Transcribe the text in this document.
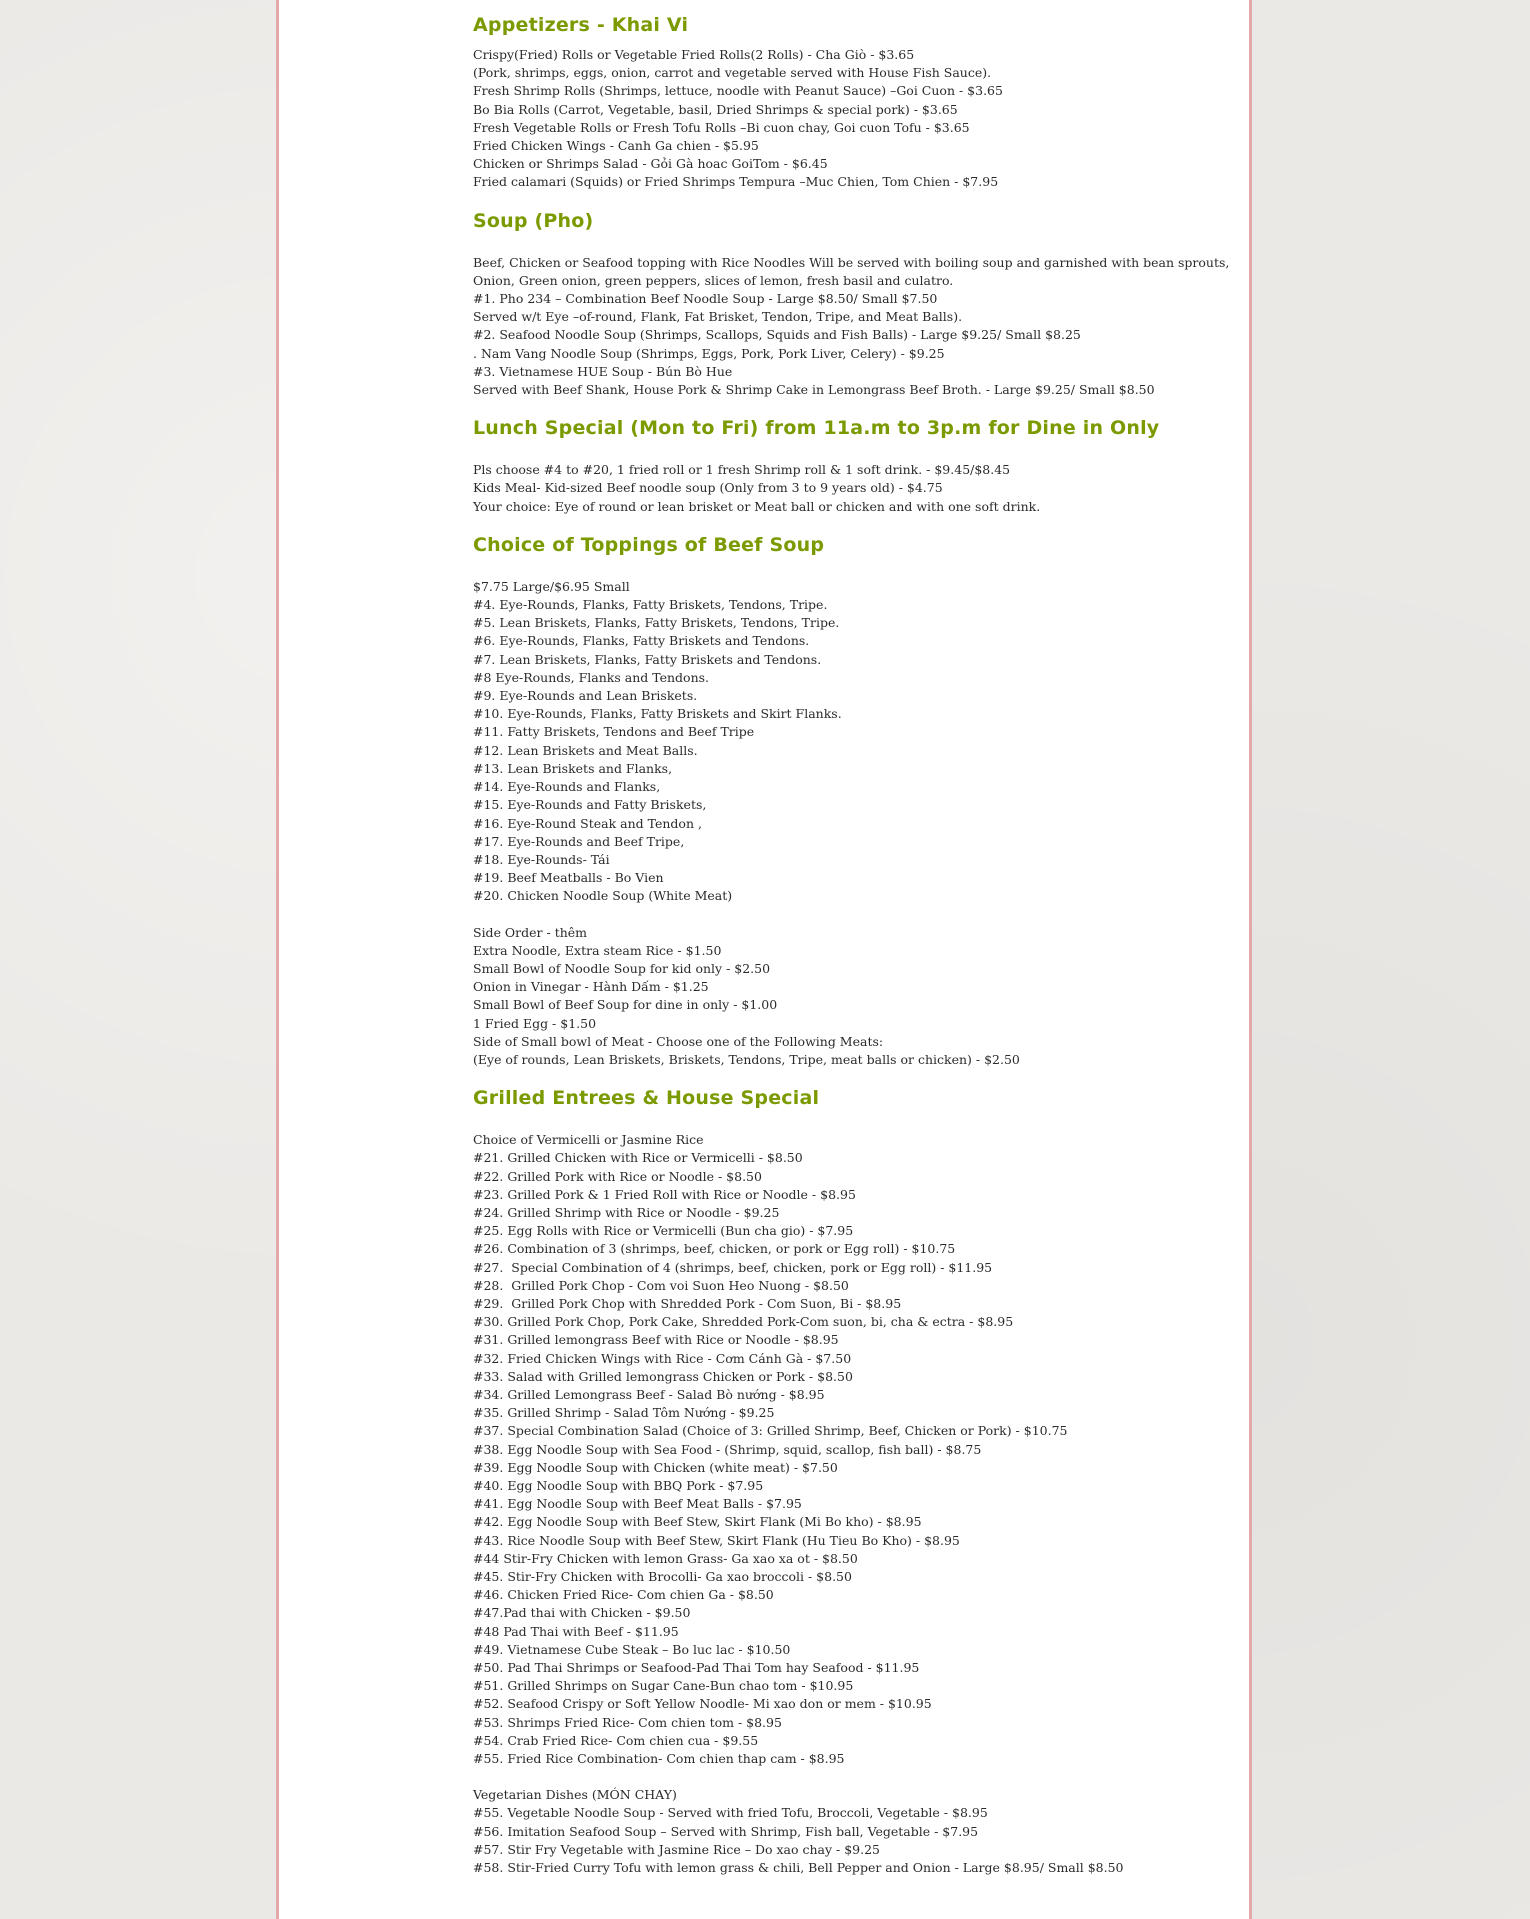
Appetizers - Khai Vi
Crispy(Fried) Rolls or Vegetable Fried Rolls(2 Rolls) - Cha Giò - $3.65
(Pork, shrimps, eggs, onion, carrot and vegetable served with House Fish Sauce).
Fresh Shrimp Rolls (Shrimps, lettuce, noodle with Peanut Sauce) –Goi Cuon - $3.65
Bo Bia Rolls (Carrot, Vegetable, basil, Dried Shrimps & special pork) - $3.65
Fresh Vegetable Rolls or Fresh Tofu Rolls –Bi cuon chay, Goi cuon Tofu - $3.65
Fried Chicken Wings - Canh Ga chien - $5.95
Chicken or Shrimps Salad - Gỏi Gà hoac GoiTom - $6.45
Fried calamari (Squids) or Fried Shrimps Tempura –Muc Chien, Tom Chien - $7.95
Soup (Pho)
Beef, Chicken or Seafood topping with Rice Noodles Will be served with boiling soup and garnished with bean sprouts, Onion, Green onion, green peppers, slices of lemon, fresh basil and culatro.
#1. Pho 234 – Combination Beef Noodle Soup - Large $8.50/ Small $7.50
Served w/t Eye –of-round, Flank, Fat Brisket, Tendon, Tripe, and Meat Balls).
#2. Seafood Noodle Soup (Shrimps, Scallops, Squids and Fish Balls) - Large $9.25/ Small $8.25
. Nam Vang Noodle Soup (Shrimps, Eggs, Pork, Pork Liver, Celery) - $9.25
#3. Vietnamese HUE Soup - Bún Bò Hue
Served with Beef Shank, House Pork & Shrimp Cake in Lemongrass Beef Broth. - Large $9.25/ Small $8.50
Lunch Special (Mon to Fri) from 11a.m to 3p.m for Dine in Only
Pls choose #4 to #20, 1 fried roll or 1 fresh Shrimp roll & 1 soft drink. - $9.45/$8.45
Kids Meal- Kid-sized Beef noodle soup (Only from 3 to 9 years old) - $4.75
Your choice: Eye of round or lean brisket or Meat ball or chicken and with one soft drink.
Choice of Toppings of Beef Soup
$7.75 Large/$6.95 Small
#4. Eye-Rounds, Flanks, Fatty Briskets, Tendons, Tripe.
#5. Lean Briskets, Flanks, Fatty Briskets, Tendons, Tripe.
#6. Eye-Rounds, Flanks, Fatty Briskets and Tendons.
#7. Lean Briskets, Flanks, Fatty Briskets and Tendons.
#8 Eye-Rounds, Flanks and Tendons.
#9. Eye-Rounds and Lean Briskets.
#10. Eye-Rounds, Flanks, Fatty Briskets and Skirt Flanks.
#11. Fatty Briskets, Tendons and Beef Tripe
#12. Lean Briskets and Meat Balls.
#13. Lean Briskets and Flanks,
#14. Eye-Rounds and Flanks,
#15. Eye-Rounds and Fatty Briskets,
#16. Eye-Round Steak and Tendon ,
#17. Eye-Rounds and Beef Tripe,
#18. Eye-Rounds- Tái
#19. Beef Meatballs - Bo Vien
#20. Chicken Noodle Soup (White Meat)
Side Order - thêm
Extra Noodle, Extra steam Rice - $1.50
Small Bowl of Noodle Soup for kid only - $2.50
Onion in Vinegar - Hành Dấm - $1.25
Small Bowl of Beef Soup for dine in only - $1.00
1 Fried Egg - $1.50
Side of Small bowl of Meat - Choose one of the Following Meats:
(Eye of rounds, Lean Briskets, Briskets, Tendons, Tripe, meat balls or chicken) - $2.50
Grilled Entrees & House Special
Choice of Vermicelli or Jasmine Rice
#21. Grilled Chicken with Rice or Vermicelli - $8.50
#22. Grilled Pork with Rice or Noodle - $8.50
#23. Grilled Pork & 1 Fried Roll with Rice or Noodle - $8.95
#24. Grilled Shrimp with Rice or Noodle - $9.25
#25. Egg Rolls with Rice or Vermicelli (Bun cha gio) - $7.95
#26. Combination of 3 (shrimps, beef, chicken, or pork or Egg roll) - $10.75
#27.  Special Combination of 4 (shrimps, beef, chicken, pork or Egg roll) - $11.95
#28.  Grilled Pork Chop - Com voi Suon Heo Nuong - $8.50
#29.  Grilled Pork Chop with Shredded Pork - Com Suon, Bi - $8.95
#30. Grilled Pork Chop, Pork Cake, Shredded Pork-Com suon, bi, cha & ectra - $8.95
#31. Grilled lemongrass Beef with Rice or Noodle - $8.95
#32. Fried Chicken Wings with Rice - Cơm Cánh Gà - $7.50
#33. Salad with Grilled lemongrass Chicken or Pork - $8.50
#34. Grilled Lemongrass Beef - Salad Bò nướng - $8.95
#35. Grilled Shrimp - Salad Tôm Nướng - $9.25
#37. Special Combination Salad (Choice of 3: Grilled Shrimp, Beef, Chicken or Pork) - $10.75
#38. Egg Noodle Soup with Sea Food - (Shrimp, squid, scallop, fish ball) - $8.75
#39. Egg Noodle Soup with Chicken (white meat) - $7.50
#40. Egg Noodle Soup with BBQ Pork - $7.95
#41. Egg Noodle Soup with Beef Meat Balls - $7.95
#42. Egg Noodle Soup with Beef Stew, Skirt Flank (Mi Bo kho) - $8.95
#43. Rice Noodle Soup with Beef Stew, Skirt Flank (Hu Tieu Bo Kho) - $8.95
#44 Stir-Fry Chicken with lemon Grass- Ga xao xa ot - $8.50
#45. Stir-Fry Chicken with Brocolli- Ga xao broccoli - $8.50
#46. Chicken Fried Rice- Com chien Ga - $8.50
#47.Pad thai with Chicken - $9.50
#48 Pad Thai with Beef - $11.95
#49. Vietnamese Cube Steak – Bo luc lac - $10.50
#50. Pad Thai Shrimps or Seafood-Pad Thai Tom hay Seafood - $11.95
#51. Grilled Shrimps on Sugar Cane-Bun chao tom - $10.95
#52. Seafood Crispy or Soft Yellow Noodle- Mi xao don or mem - $10.95
#53. Shrimps Fried Rice- Com chien tom - $8.95
#54. Crab Fried Rice- Com chien cua - $9.55
#55. Fried Rice Combination- Com chien thap cam - $8.95
Vegetarian Dishes (MÓN CHAY)
#55. Vegetable Noodle Soup - Served with fried Tofu, Broccoli, Vegetable - $8.95
#56. Imitation Seafood Soup – Served with Shrimp, Fish ball, Vegetable - $7.95
#57. Stir Fry Vegetable with Jasmine Rice – Do xao chay - $9.25
#58. Stir-Fried Curry Tofu with lemon grass & chili, Bell Pepper and Onion - Large $8.95/ Small $8.50
